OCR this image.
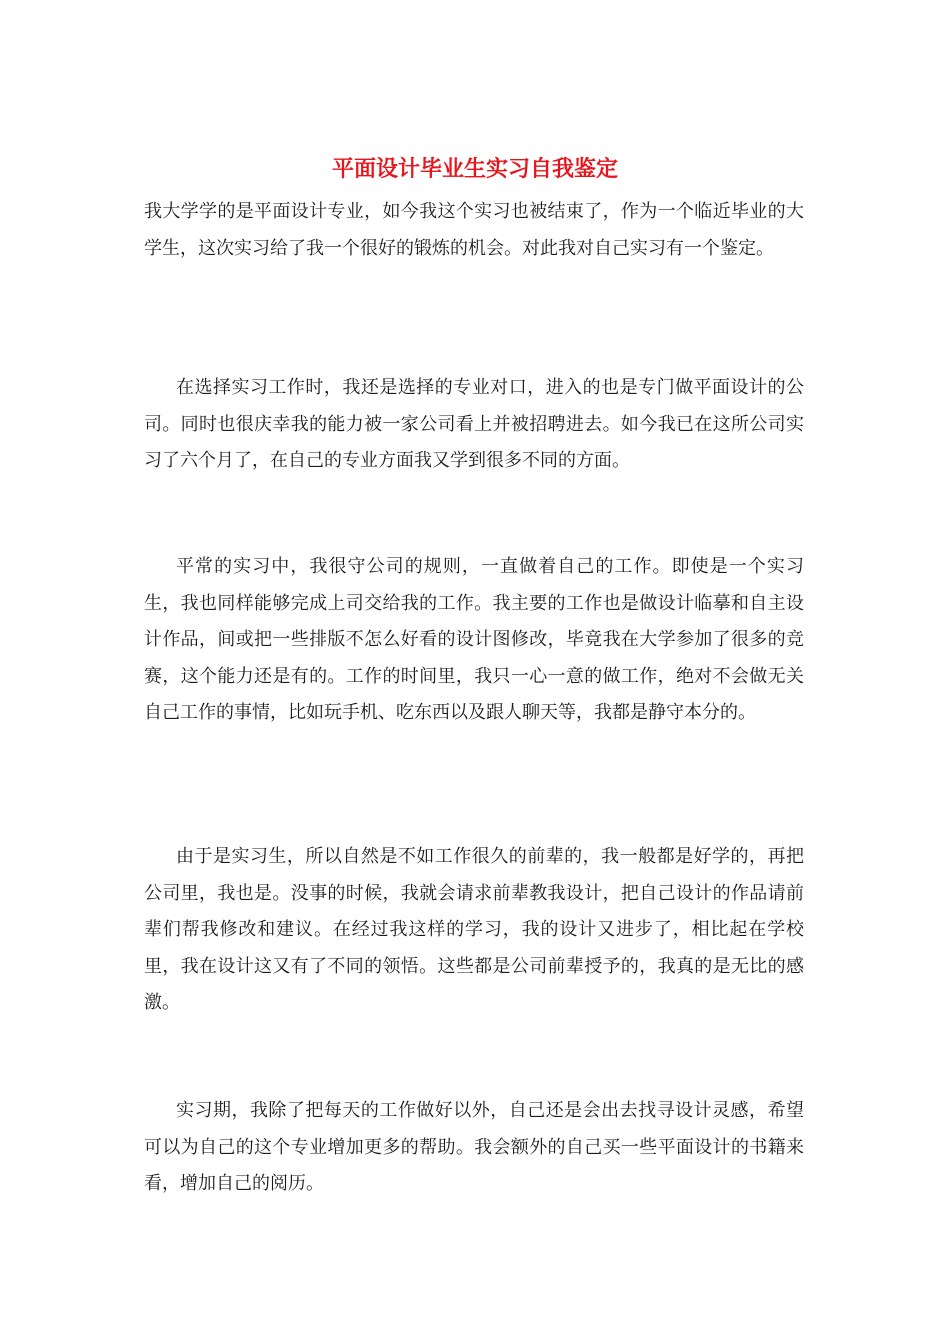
平面设计毕业生实习自我鉴定

我大学学的是平面设计专业，如今我这个实习也被结束了，作为一个临近毕业的大学生，这次实习给了我一个很好的锻炼的机会。对此我对自己实习有一个鉴定。

在选择实习工作时，我还是选择的专业对口，进入的也是专门做平面设计的公司。同时也很庆幸我的能力被一家公司看上并被招聘进去。如今我已在这所公司实习了六个月了，在自己的专业方面我又学到很多不同的方面。

平常的实习中，我很守公司的规则，一直做着自己的工作。即使是一个实习生，我也同样能够完成上司交给我的工作。我主要的工作也是做设计临摹和自主设计作品，间或把一些排版不怎么好看的设计图修改，毕竟我在大学参加了很多的竞赛，这个能力还是有的。工作的时间里，我只一心一意的做工作，绝对不会做无关自己工作的事情，比如玩手机、吃东西以及跟人聊天等，我都是静守本分的。

由于是实习生，所以自然是不如工作很久的前辈的，我一般都是好学的，再把公司里，我也是。没事的时候，我就会请求前辈教我设计，把自己设计的作品请前辈们帮我修改和建议。在经过我这样的学习，我的设计又进步了，相比起在学校里，我在设计这又有了不同的领悟。这些都是公司前辈授予的，我真的是无比的感激。

实习期，我除了把每天的工作做好以外，自己还是会出去找寻设计灵感，希望可以为自己的这个专业增加更多的帮助。我会额外的自己买一些平面设计的书籍来看，增加自己的阅历。
